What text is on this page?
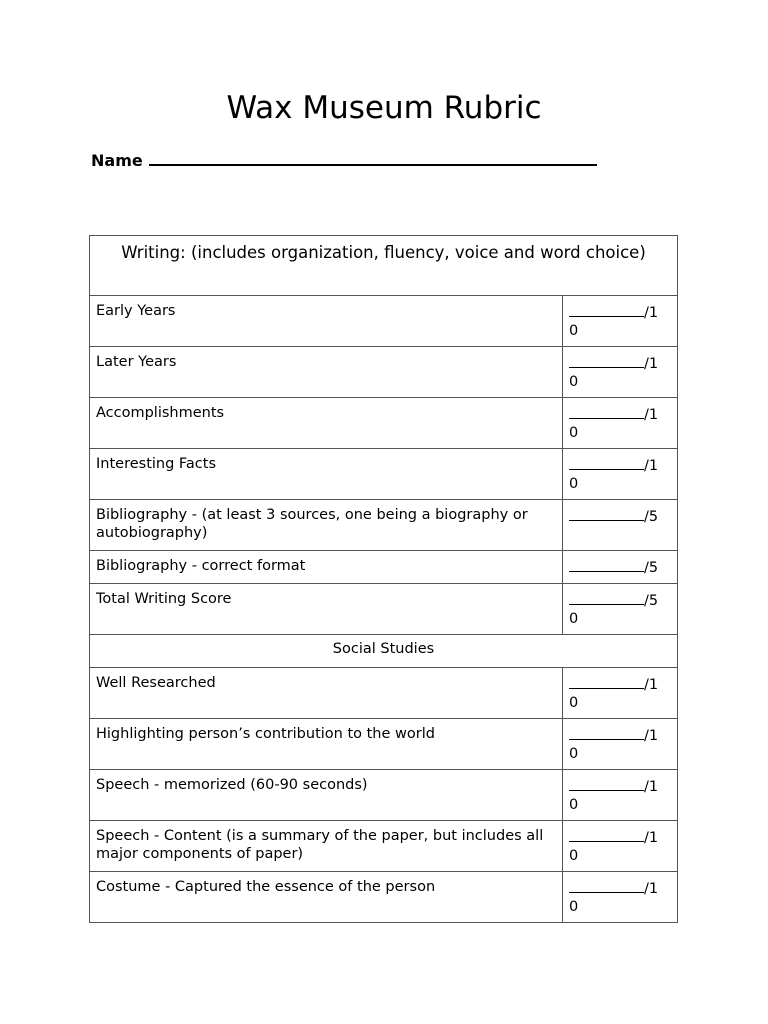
Wax Museum Rubric
Name
Writing: (includes organization, fluency, voice and word choice)	
Early Years	/1
0
Later Years	/1
0
Accomplishments	/1
0
Interesting Facts	/1
0
Bibliography - (at least 3 sources, one being a biography or autobiography)	/5
Bibliography - correct format	/5
Total Writing Score	/5
0
Social Studies	
Well Researched	/1
0
Highlighting person’s contribution to the world	/1
0
Speech - memorized (60-90 seconds)	/1
0
Speech - Content (is a summary of the paper, but includes all major components of paper)	/1
0
Costume - Captured the essence of the person	/1
0
